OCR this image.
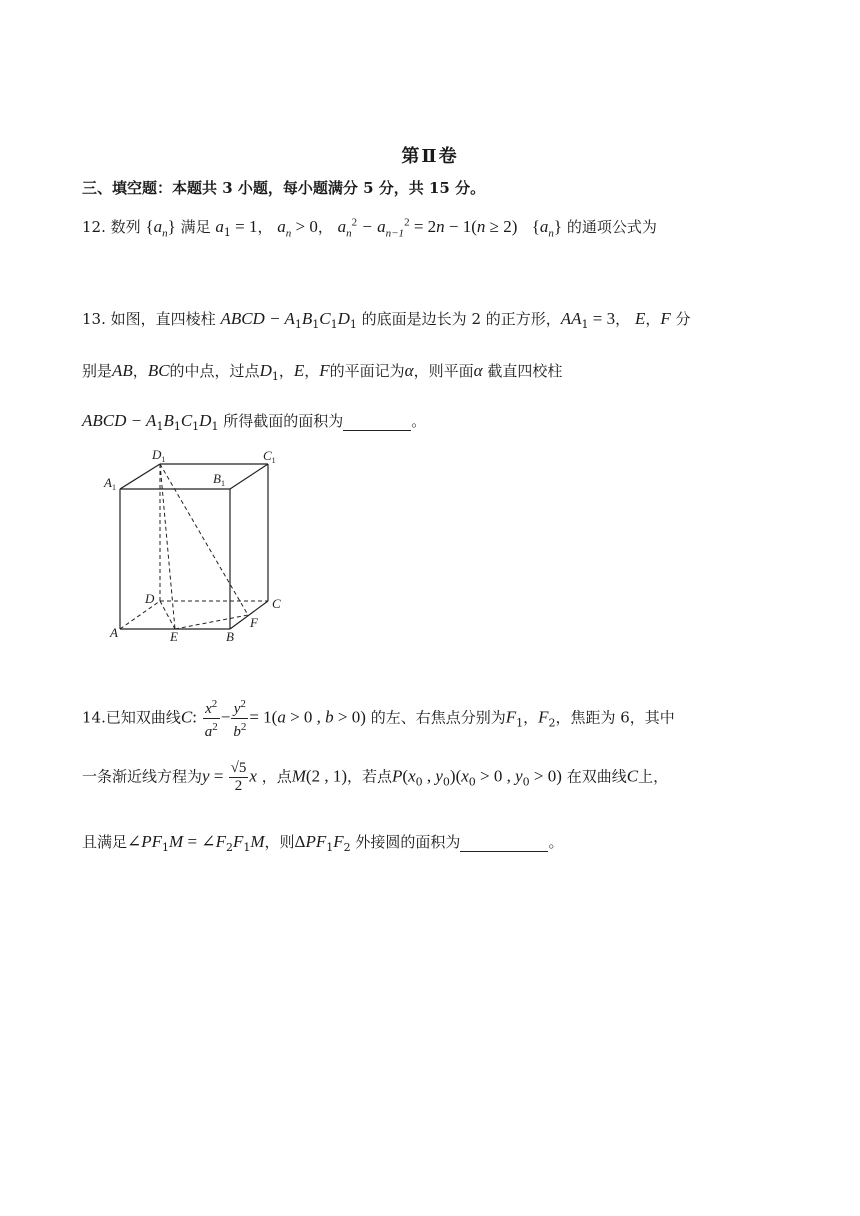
第Ⅱ卷
三、填空题：本题共 3 小题，每小题满分 5 分，共 15 分。
12. 数列 $\{a_n\}$ 满足 $a_1 = 1$， $a_n > 0$， $a_n^2 - a_{n-1}^2 = 2n - 1(n \ge 2)$ $\{a_n\}$ 的通项公式为
13. 如图，直四棱柱 ABCD − $A_1B_1C_1D_1$ 的底面是边长为 2 的正方形，$AA_1 = 3$， E，F 分
别是AB，BC的中点，过点$D_1$，E，F的平面记为α，则平面α 截直四校柱
ABCD − $A_1B_1C_1D_1$ 所得截面的面积为	。
$D_1$	$C_1$
$A_1$
$B_1$
D	C
F
A	E	B
14.已知双曲线C: $\frac{x^2}{a^2} - \frac{y^2}{b^2} = 1(a > 0$ , b > 0) 的左、右焦点分别为$F_1$，$F_2$，焦距为 6，其中
一条渐近线方程为$y = \frac{√5}{2}$ x ，点M(2 , 1)，若点$P(x_0$ , $y_0)(x_0 > 0$ , $y_0 > 0$) 在双曲线C上，
且满足$\angle PF_1M$ = $\angle F_2F_1M$，则$\Delta PF_1F_2$ 外接圆的面积为	。
